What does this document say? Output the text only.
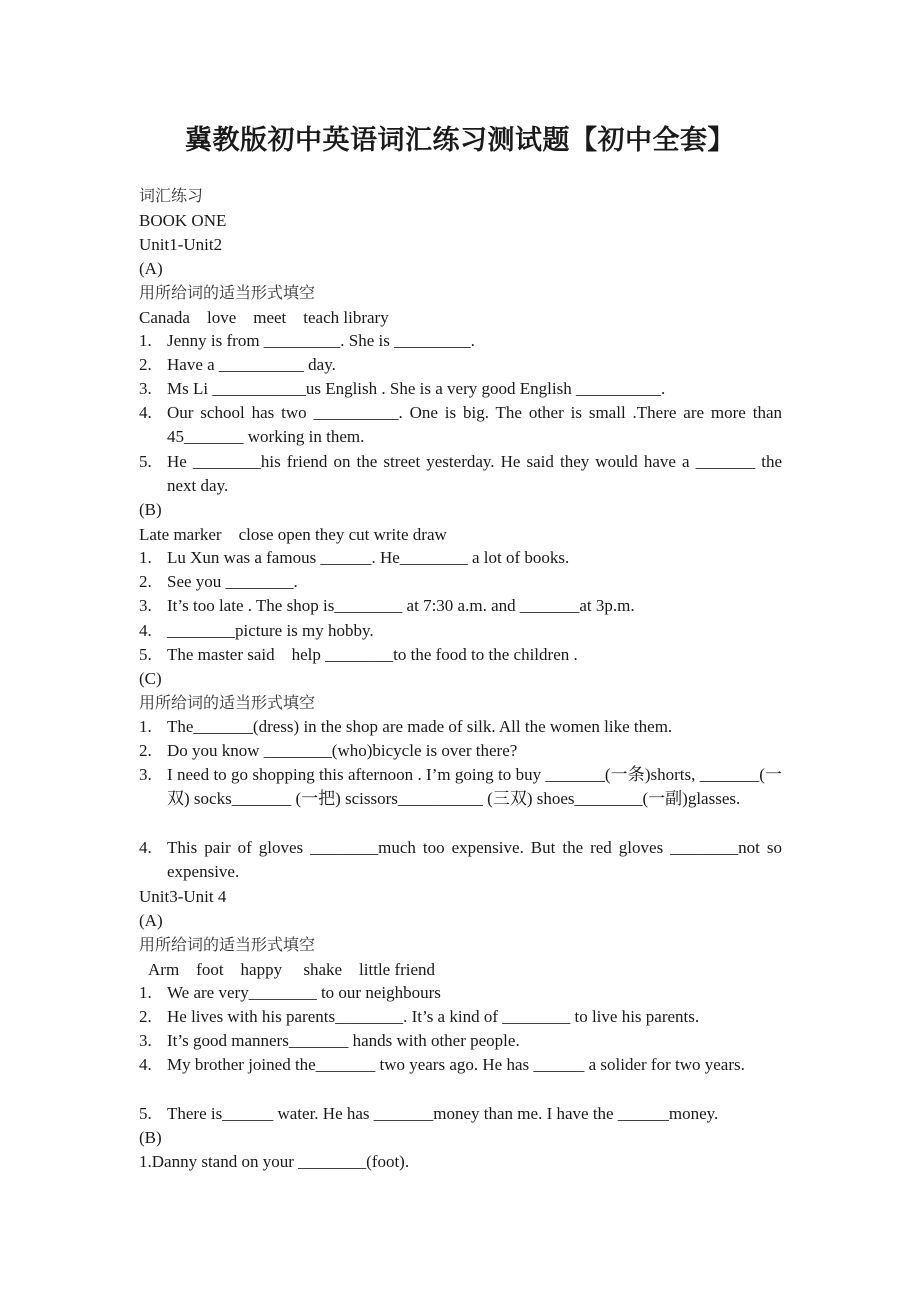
冀教版初中英语词汇练习测试题【初中全套】
词汇练习
BOOK ONE
Unit1-Unit2
(A)
用所给词的适当形式填空
Canada    love    meet    teach library
1. Jenny is from _________. She is _________.
2. Have a __________ day.
3. Ms Li ___________us English . She is a very good English __________.
4. Our school has two __________. One is big. The other is small .There are more than 45_______ working in them.
5. He ________his friend on the street yesterday. He said they would have a _______ the next day.
(B)
Late marker    close open they cut write draw
1. Lu Xun was a famous ______. He________ a lot of books.
2. See you ________.
3. It’s too late . The shop is________ at 7:30 a.m. and _______at 3p.m.
4. ________picture is my hobby.
5. The master said    help ________to the food to the children .
(C)
用所给词的适当形式填空
1. The_______(dress) in the shop are made of silk. All the women like them.
2. Do you know ________(who)bicycle is over there?
3. I need to go shopping this afternoon . I’m going to buy _______(一条)shorts, _______(一双) socks_______ (一把) scissors__________ (三双) shoes________(一副)glasses.
4. This pair of gloves ________much too expensive. But the red gloves ________not so expensive.
Unit3-Unit 4
(A)
用所给词的适当形式填空
Arm    foot    happy     shake    little friend
1. We are very________ to our neighbours
2. He lives with his parents________. It’s a kind of ________ to live his parents.
3. It’s good manners_______ hands with other people.
4. My brother joined the_______ two years ago. He has ______ a solider for two years.
5. There is______ water. He has _______money than me. I have the ______money.
(B)
1.Danny stand on your ________(foot).
